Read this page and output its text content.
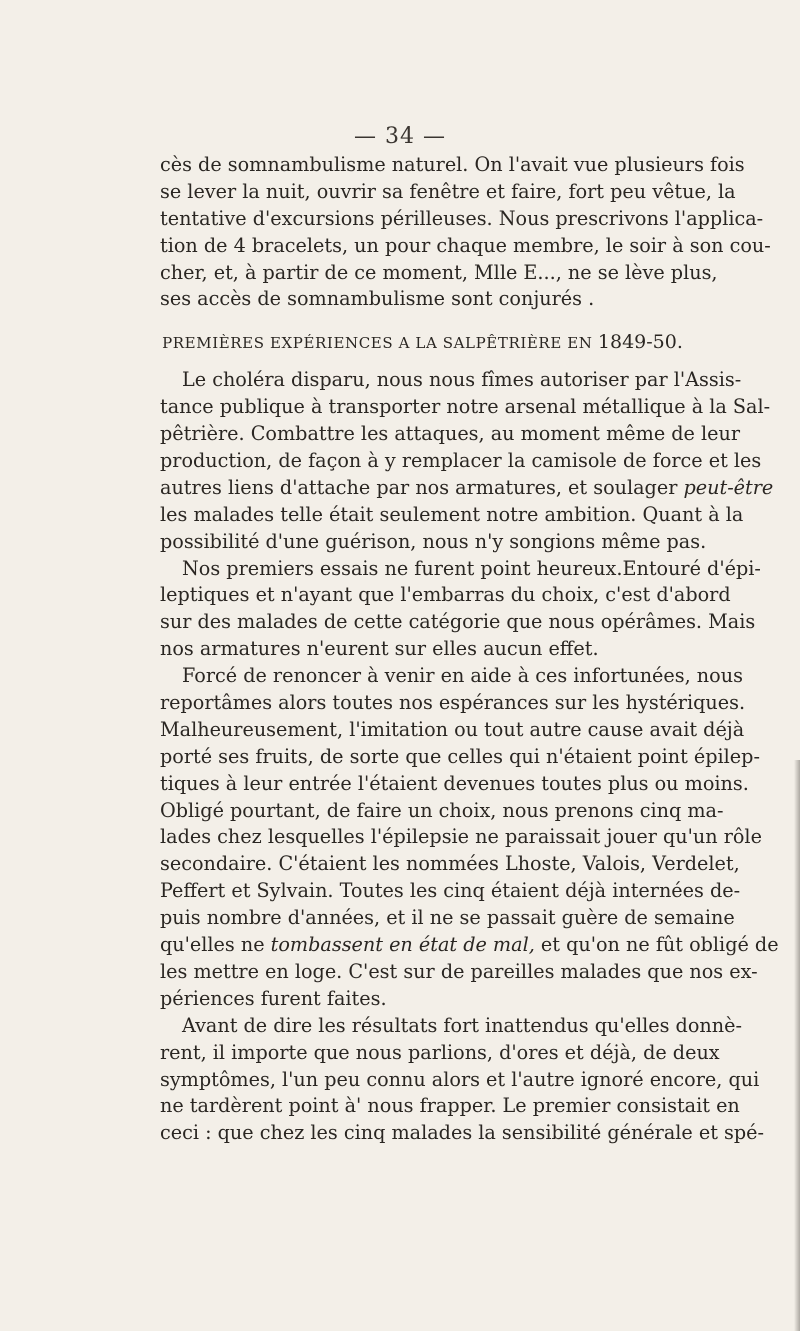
— 34 —
cès de somnambulisme naturel. On l'avait vue plusieurs fois
se lever la nuit, ouvrir sa fenêtre et faire, fort peu vêtue, la
tentative d'excursions périlleuses. Nous prescrivons l'applica-
tion de 4 bracelets, un pour chaque membre, le soir à son cou-
cher, et, à partir de ce moment, Mlle E..., ne se lève plus,
ses accès de somnambulisme sont conjurés .
PREMIÈRES EXPÉRIENCES A LA SALPÊTRIÈRE EN 1849-50.
Le choléra disparu, nous nous fîmes autoriser par l'Assis-
tance publique à transporter notre arsenal métallique à la Sal-
pêtrière. Combattre les attaques, au moment même de leur
production, de façon à y remplacer la camisole de force et les
autres liens d'attache par nos armatures, et soulager peut-être
les malades telle était seulement notre ambition. Quant à la
possibilité d'une guérison, nous n'y songions même pas.
Nos premiers essais ne furent point heureux.Entouré d'épi-
leptiques et n'ayant que l'embarras du choix, c'est d'abord
sur des malades de cette catégorie que nous opérâmes. Mais
nos armatures n'eurent sur elles aucun effet.
Forcé de renoncer à venir en aide à ces infortunées, nous
reportâmes alors toutes nos espérances sur les hystériques.
Malheureusement, l'imitation ou tout autre cause avait déjà
porté ses fruits, de sorte que celles qui n'étaient point épilep-
tiques à leur entrée l'étaient devenues toutes plus ou moins.
Obligé pourtant, de faire un choix, nous prenons cinq ma-
lades chez lesquelles l'épilepsie ne paraissait jouer qu'un rôle
secondaire. C'étaient les nommées Lhoste, Valois, Verdelet,
Peffert et Sylvain. Toutes les cinq étaient déjà internées de-
puis nombre d'années, et il ne se passait guère de semaine
qu'elles ne tombassent en état de mal, et qu'on ne fût obligé de
les mettre en loge. C'est sur de pareilles malades que nos ex-
périences furent faites.
Avant de dire les résultats fort inattendus qu'elles donnè-
rent, il importe que nous parlions, d'ores et déjà, de deux
symptômes, l'un peu connu alors et l'autre ignoré encore, qui
ne tardèrent point à' nous frapper. Le premier consistait en
ceci : que chez les cinq malades la sensibilité générale et spé-
